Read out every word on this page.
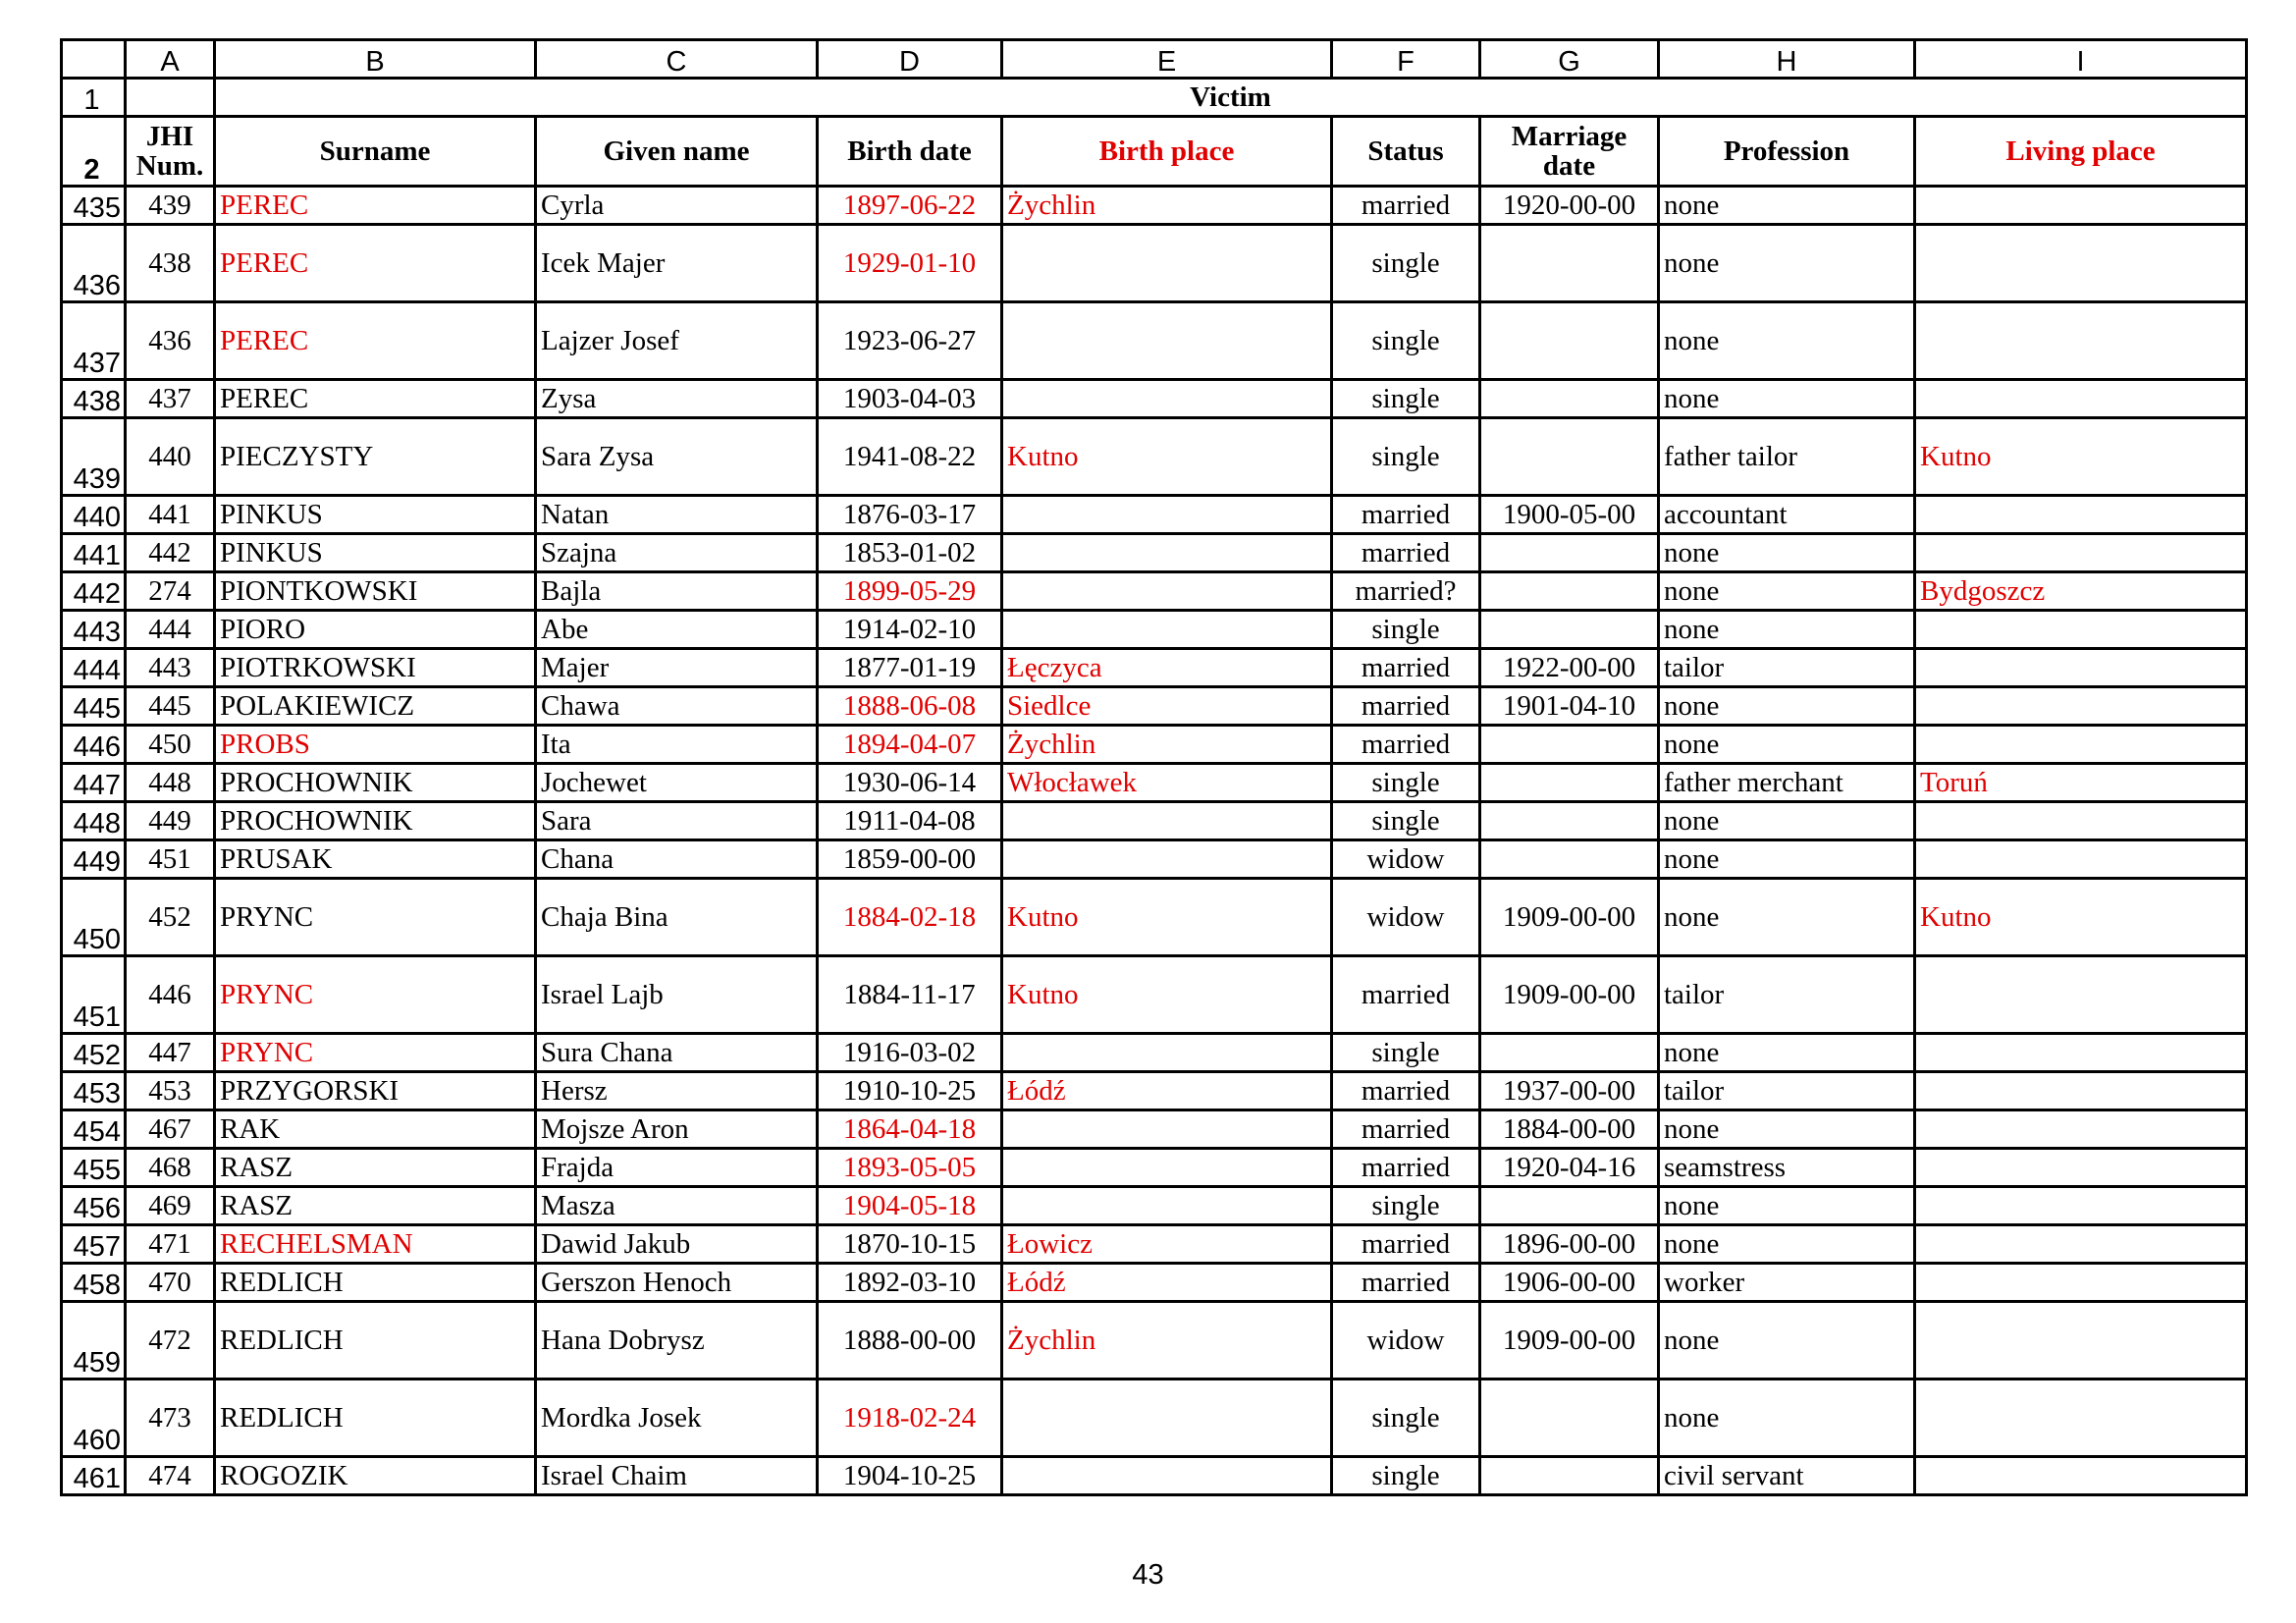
	A	B	C	D	E	F	G	H	I
1		Victim							
2	JHI Num.	Surname	Given name	Birth date	Birth place	Status	Marriage date	Profession	Living place
435	439	PEREC	Cyrla	1897-06-22	Żychlin	married	1920-00-00	none	
436	438	PEREC	Icek Majer	1929-01-10		single		none	
437	436	PEREC	Lajzer Josef	1923-06-27		single		none	
438	437	PEREC	Zysa	1903-04-03		single		none	
439	440	PIECZYSTY	Sara Zysa	1941-08-22	Kutno	single		father tailor	Kutno
440	441	PINKUS	Natan	1876-03-17		married	1900-05-00	accountant	
441	442	PINKUS	Szajna	1853-01-02		married		none	
442	274	PIONTKOWSKI	Bajla	1899-05-29		married?		none	Bydgoszcz
443	444	PIORO	Abe	1914-02-10		single		none	
444	443	PIOTRKOWSKI	Majer	1877-01-19	Łęczyca	married	1922-00-00	tailor	
445	445	POLAKIEWICZ	Chawa	1888-06-08	Siedlce	married	1901-04-10	none	
446	450	PROBS	Ita	1894-04-07	Żychlin	married		none	
447	448	PROCHOWNIK	Jochewet	1930-06-14	Włocławek	single		father merchant	Toruń
448	449	PROCHOWNIK	Sara	1911-04-08		single		none	
449	451	PRUSAK	Chana	1859-00-00		widow		none	
450	452	PRYNC	Chaja Bina	1884-02-18	Kutno	widow	1909-00-00	none	Kutno
451	446	PRYNC	Israel Lajb	1884-11-17	Kutno	married	1909-00-00	tailor	
452	447	PRYNC	Sura Chana	1916-03-02		single		none	
453	453	PRZYGORSKI	Hersz	1910-10-25	Łódź	married	1937-00-00	tailor	
454	467	RAK	Mojsze Aron	1864-04-18		married	1884-00-00	none	
455	468	RASZ	Frajda	1893-05-05		married	1920-04-16	seamstress	
456	469	RASZ	Masza	1904-05-18		single		none	
457	471	RECHELSMAN	Dawid Jakub	1870-10-15	Łowicz	married	1896-00-00	none	
458	470	REDLICH	Gerszon Henoch	1892-03-10	Łódź	married	1906-00-00	worker	
459	472	REDLICH	Hana Dobrysz	1888-00-00	Żychlin	widow	1909-00-00	none	
460	473	REDLICH	Mordka Josek	1918-02-24		single		none	
461	474	ROGOZIK	Israel Chaim	1904-10-25		single		civil servant	
43
